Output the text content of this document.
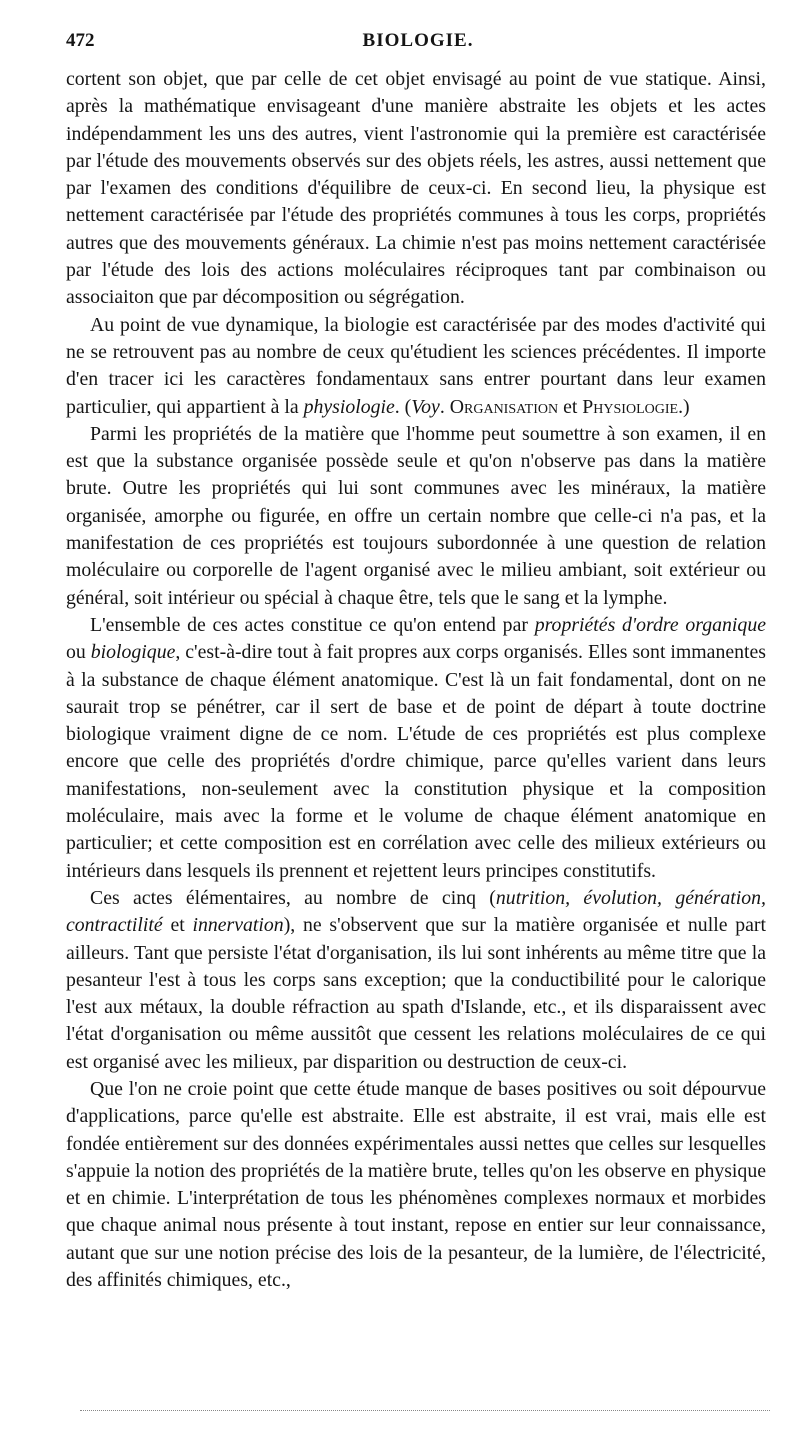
472	BIOLOGIE.

cortent son objet, que par celle de cet objet envisagé au point de vue statique. Ainsi, après la mathématique envisageant d'une manière abstraite les objets et les actes indépendamment les uns des autres, vient l'astronomie qui la première est caractérisée par l'étude des mouvements observés sur des objets réels, les astres, aussi nettement que par l'examen des conditions d'équilibre de ceux-ci. En second lieu, la physique est nettement caractérisée par l'étude des propriétés communes à tous les corps, propriétés autres que des mouvements généraux. La chimie n'est pas moins nettement caractérisée par l'étude des lois des actions moléculaires réciproques tant par combinaison ou associaiton que par décomposition ou ségrégation.

Au point de vue dynamique, la biologie est caractérisée par des modes d'activité qui ne se retrouvent pas au nombre de ceux qu'étudient les sciences précédentes. Il importe d'en tracer ici les caractères fondamentaux sans entrer pourtant dans leur examen particulier, qui appartient à la physiologie. (Voy. Organisation et Physiologie.)

Parmi les propriétés de la matière que l'homme peut soumettre à son examen, il en est que la substance organisée possède seule et qu'on n'observe pas dans la matière brute. Outre les propriétés qui lui sont communes avec les minéraux, la matière organisée, amorphe ou figurée, en offre un certain nombre que celle-ci n'a pas, et la manifestation de ces propriétés est toujours subordonnée à une question de relation moléculaire ou corporelle de l'agent organisé avec le milieu ambiant, soit extérieur ou général, soit intérieur ou spécial à chaque être, tels que le sang et la lymphe.

L'ensemble de ces actes constitue ce qu'on entend par propriétés d'ordre organique ou biologique, c'est-à-dire tout à fait propres aux corps organisés. Elles sont immanentes à la substance de chaque élément anatomique. C'est là un fait fondamental, dont on ne saurait trop se pénétrer, car il sert de base et de point de départ à toute doctrine biologique vraiment digne de ce nom. L'étude de ces propriétés est plus complexe encore que celle des propriétés d'ordre chimique, parce qu'elles varient dans leurs manifestations, non-seulement avec la constitution physique et la composition moléculaire, mais avec la forme et le volume de chaque élément anatomique en particulier; et cette composition est en corrélation avec celle des milieux extérieurs ou intérieurs dans lesquels ils prennent et rejettent leurs principes constitutifs.

Ces actes élémentaires, au nombre de cinq (nutrition, évolution, génération, contractilité et innervation), ne s'observent que sur la matière organisée et nulle part ailleurs. Tant que persiste l'état d'organisation, ils lui sont inhérents au même titre que la pesanteur l'est à tous les corps sans exception; que la conductibilité pour le calorique l'est aux métaux, la double réfraction au spath d'Islande, etc., et ils disparaissent avec l'état d'organisation ou même aussitôt que cessent les relations moléculaires de ce qui est organisé avec les milieux, par disparition ou destruction de ceux-ci.

Que l'on ne croie point que cette étude manque de bases positives ou soit dépourvue d'applications, parce qu'elle est abstraite. Elle est abstraite, il est vrai, mais elle est fondée entièrement sur des données expérimentales aussi nettes que celles sur lesquelles s'appuie la notion des propriétés de la matière brute, telles qu'on les observe en physique et en chimie. L'interprétation de tous les phénomènes complexes normaux et morbides que chaque animal nous présente à tout instant, repose en entier sur leur connaissance, autant que sur une notion précise des lois de la pesanteur, de la lumière, de l'électricité, des affinités chimiques, etc.,
